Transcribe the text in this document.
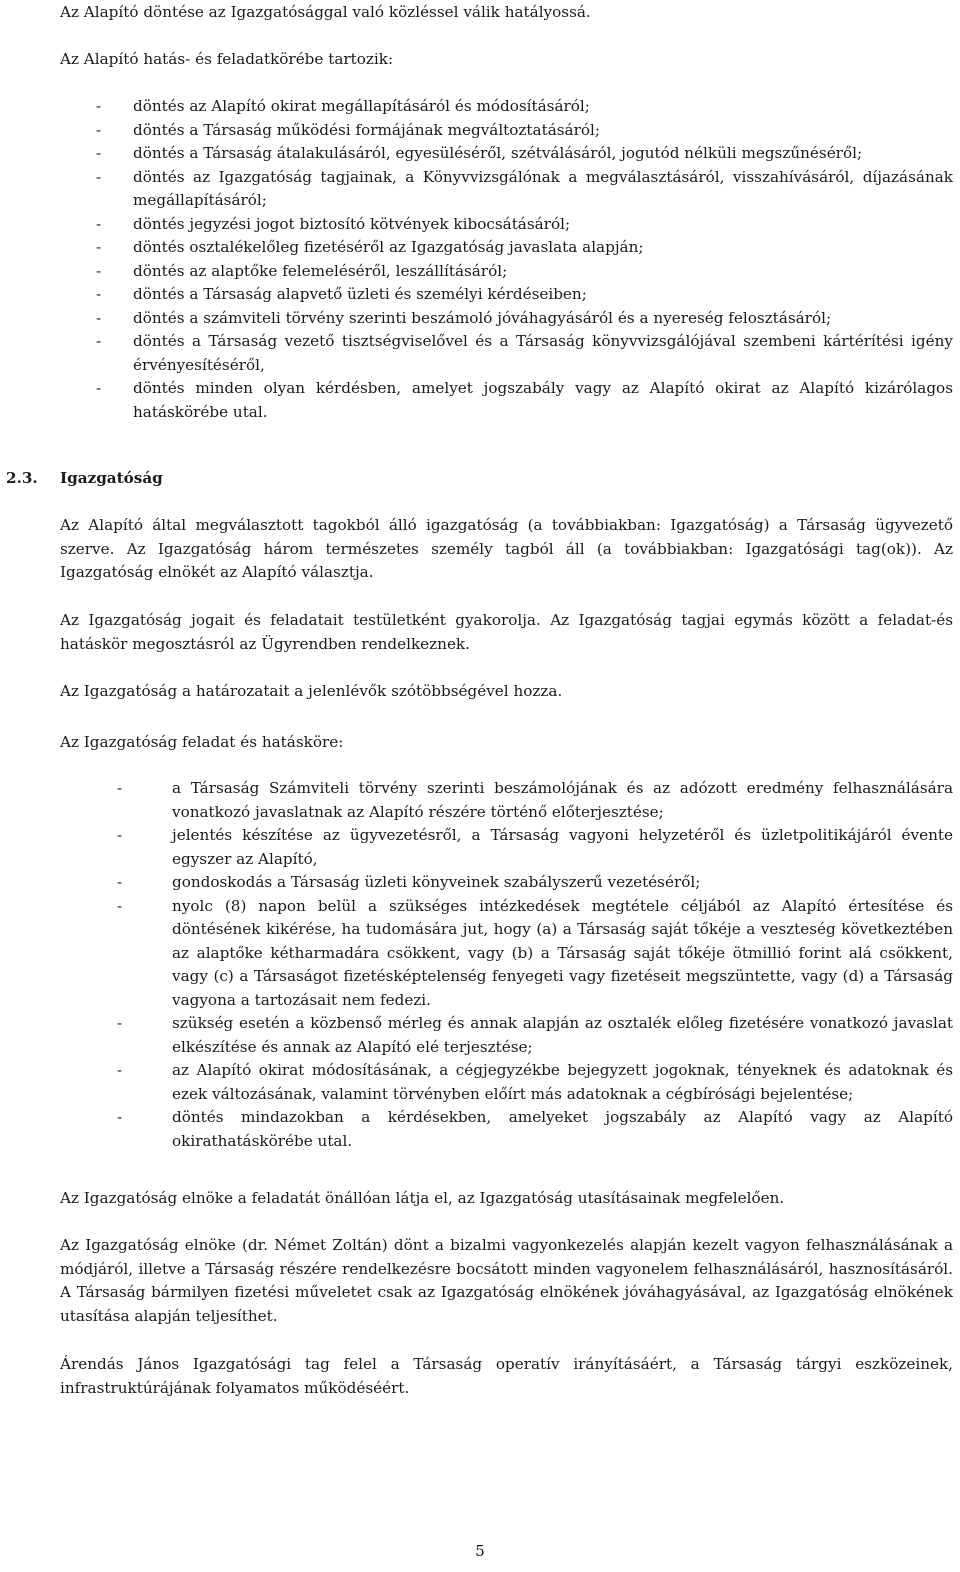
Az Alapító döntése az Igazgatósággal való közléssel válik hatályossá.

Az Alapító hatás- és feladatkörébe tartozik:

- döntés az Alapító okirat megállapításáról és módosításáról;
- döntés a Társaság működési formájának megváltoztatásáról;
- döntés a Társaság átalakulásáról, egyesüléséről, szétválásáról, jogutód nélküli megszűnéséről;
- döntés az Igazgatóság tagjainak, a Könyvvizsgálónak a megválasztásáról, visszahívásáról, díjazásának megállapításáról;
- döntés jegyzési jogot biztosító kötvények kibocsátásáról;
- döntés osztalékelőleg fizetéséről az Igazgatóság javaslata alapján;
- döntés az alaptőke felemeléséről, leszállításáról;
- döntés a Társaság alapvető üzleti és személyi kérdéseiben;
- döntés a számviteli törvény szerinti beszámoló jóváhagyásáról és a nyereség felosztásáról;
- döntés a Társaság vezető tisztségviselővel és a Társaság könyvvizsgálójával szembeni kártérítési igény érvényesítéséről,
- döntés minden olyan kérdésben, amelyet jogszabály vagy az Alapító okirat az Alapító kizárólagos hatáskörébe utal.
2.3. Igazgatóság

Az Alapító által megválasztott tagokból álló igazgatóság (a továbbiakban: Igazgatóság) a Társaság ügyvezető szerve. Az Igazgatóság három természetes személy tagból áll (a továbbiakban: Igazgatósági tag(ok)). Az Igazgatóság elnökét az Alapító választja.

Az Igazgatóság jogait és feladatait testületként gyakorolja. Az Igazgatóság tagjai egymás között a feladat-és hatáskör megosztásról az Ügyrendben rendelkeznek.

Az Igazgatóság a határozatait a jelenlévők szótöbbségével hozza.

Az Igazgatóság feladat és hatásköre:

-	a Társaság Számviteli törvény szerinti beszámolójának és az adózott eredmény felhasználására vonatkozó javaslatnak az Alapító részére történő előterjesztése;
-	jelentés készítése az ügyvezetésről, a Társaság vagyoni helyzetéről és üzletpolitikájáról évente egyszer az Alapító,
-	gondoskodás a Társaság üzleti könyveinek szabályszerű vezetéséről;
-	nyolc (8) napon belül a szükséges intézkedések megtétele céljából az Alapító értesítése és döntésének kikérése, ha tudomására jut, hogy (a) a Társaság saját tőkéje a veszteség következtében az alaptőke kétharmadára csökkent, vagy (b) a Társaság saját tőkéje ötmillió forint alá csökkent, vagy (c) a Társaságot fizetésképtelenség fenyegeti vagy fizetéseit megszüntette, vagy (d) a Társaság vagyona a tartozásait nem fedezi.
-	szükség esetén a közbenső mérleg és annak alapján az osztalék előleg fizetésére vonatkozó javaslat elkészítése és annak az Alapító elé terjesztése;
-	az Alapító okirat módosításának, a cégjegyzékbe bejegyzett jogoknak, tényeknek és adatoknak és ezek változásának, valamint törvényben előírt más adatoknak a cégbírósági bejelentése;
-	döntés mindazokban a kérdésekben, amelyeket jogszabály az Alapító vagy az Alapító okirathatáskörébe utal.

Az Igazgatóság elnöke a feladatát önállóan látja el, az Igazgatóság utasításainak megfelelően.

Az Igazgatóság elnöke (dr. Német Zoltán) dönt a bizalmi vagyonkezelés alapján kezelt vagyon felhasználásának a módjáról, illetve a Társaság részére rendelkezésre bocsátott minden vagyonelem felhasználásáról, hasznosításáról. A Társaság bármilyen fizetési műveletet csak az Igazgatóság elnökének jóváhagyásával, az Igazgatóság elnökének utasítása alapján teljesíthet.

Árendás János Igazgatósági tag felel a Társaság operatív irányításáért, a Társaság tárgyi eszközeinek, infrastruktúrájának folyamatos működéséért.

5
